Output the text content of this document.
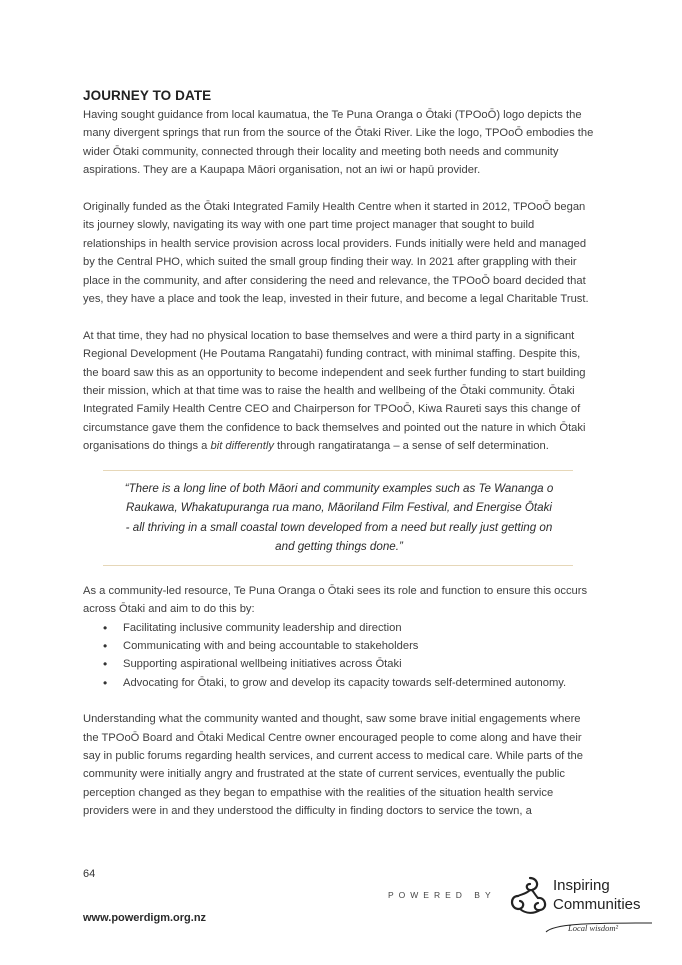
JOURNEY TO DATE

Having sought guidance from local kaumatua, the Te Puna Oranga o Ōtaki (TPOoŌ) logo depicts the many divergent springs that run from the source of the Ōtaki River. Like the logo, TPOoŌ embodies the wider Ōtaki community, connected through their locality and meeting both needs and community aspirations. They are a Kaupapa Māori organisation, not an iwi or hapū provider.

Originally funded as the Ōtaki Integrated Family Health Centre when it started in 2012, TPOoŌ began its journey slowly, navigating its way with one part time project manager that sought to build relationships in health service provision across local providers. Funds initially were held and managed by the Central PHO, which suited the small group finding their way. In 2021 after grappling with their place in the community, and after considering the need and relevance, the TPOoŌ board decided that yes, they have a place and took the leap, invested in their future, and become a legal Charitable Trust.

At that time, they had no physical location to base themselves and were a third party in a significant Regional Development (He Poutama Rangatahi) funding contract, with minimal staffing. Despite this, the board saw this as an opportunity to become independent and seek further funding to start building their mission, which at that time was to raise the health and wellbeing of the Ōtaki community. Ōtaki Integrated Family Health Centre CEO and Chairperson for TPOoŌ, Kiwa Raureti says this change of circumstance gave them the confidence to back themselves and pointed out the nature in which Ōtaki organisations do things a bit differently through rangatiratanga – a sense of self determination.

“There is a long line of both Māori and community examples such as Te Wananga o Raukawa, Whakatupuranga rua mano, Māoriland Film Festival, and Energise Ōtaki - all thriving in a small coastal town developed from a need but really just getting on and getting things done.”

As a community-led resource, Te Puna Oranga o Ōtaki sees its role and function to ensure this occurs across Ōtaki and aim to do this by:

• Facilitating inclusive community leadership and direction
• Communicating with and being accountable to stakeholders
• Supporting aspirational wellbeing initiatives across Ōtaki
• Advocating for Ōtaki, to grow and develop its capacity towards self-determined autonomy.

Understanding what the community wanted and thought, saw some brave initial engagements where the TPOoŌ Board and Ōtaki Medical Centre owner encouraged people to come along and have their say in public forums regarding health services, and current access to medical care. While parts of the community were initially angry and frustrated at the state of current services, eventually the public perception changed as they began to empathise with the realities of the situation health service providers were in and they understood the difficulty in finding doctors to service the town, a

64
POWERED BY
Inspiring
Communities
Local wisdom²
www.powerdigm.org.nz
